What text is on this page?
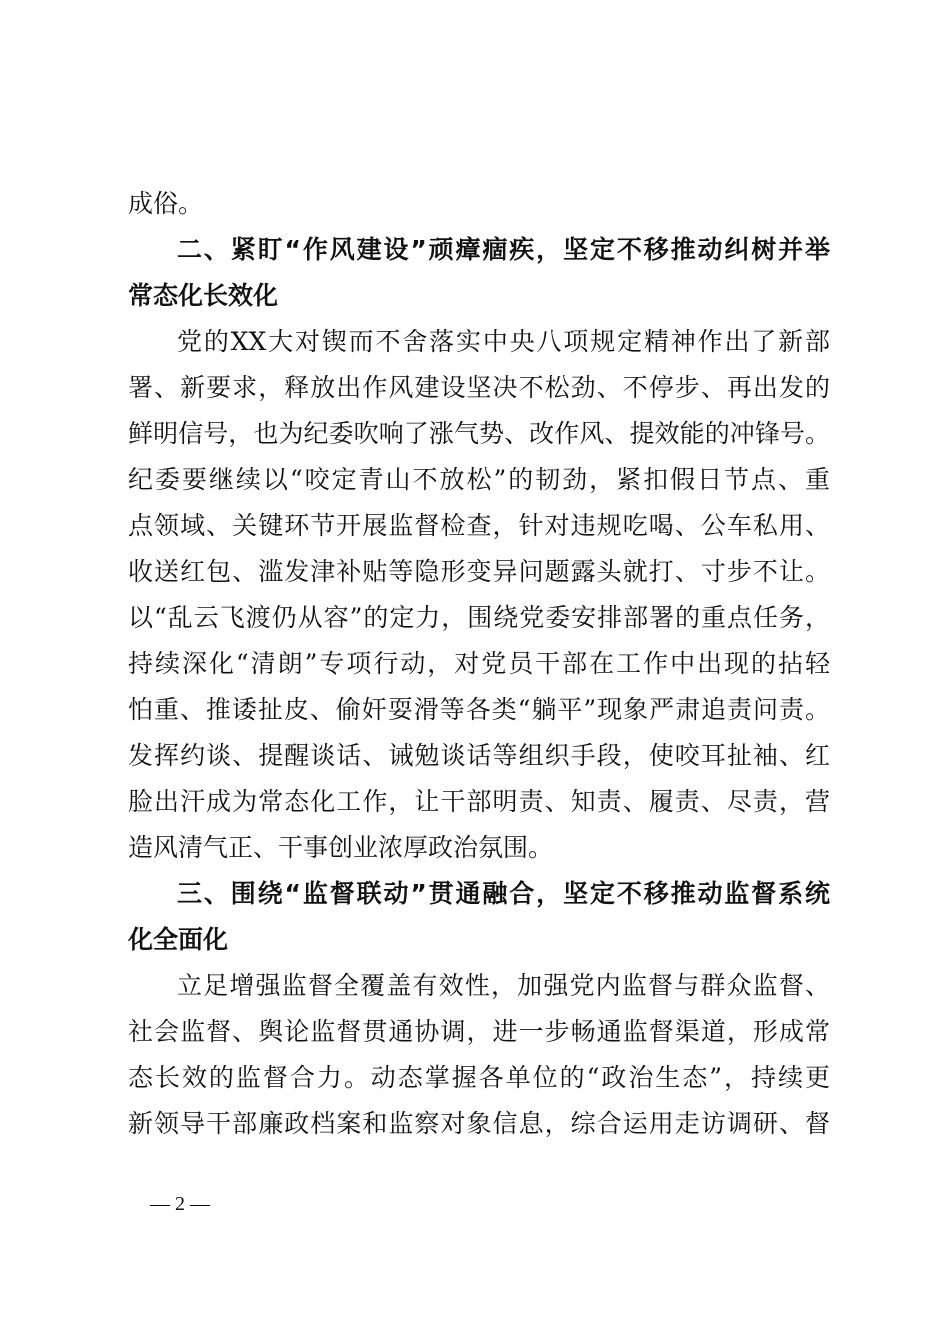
成俗。
二、紧盯“作风建设”顽瘴痼疾，坚定不移推动纠树并举
常态化长效化
党的XX大对锲而不舍落实中央八项规定精神作出了新部
署、新要求，释放出作风建设坚决不松劲、不停步、再出发的
鲜明信号，也为纪委吹响了涨气势、改作风、提效能的冲锋号。
纪委要继续以“咬定青山不放松”的韧劲，紧扣假日节点、重
点领域、关键环节开展监督检查，针对违规吃喝、公车私用、
收送红包、滥发津补贴等隐形变异问题露头就打、寸步不让。
以“乱云飞渡仍从容”的定力，围绕党委安排部署的重点任务，
持续深化“清朗”专项行动，对党员干部在工作中出现的拈轻
怕重、推诿扯皮、偷奸耍滑等各类“躺平”现象严肃追责问责。
发挥约谈、提醒谈话、诫勉谈话等组织手段，使咬耳扯袖、红
脸出汗成为常态化工作，让干部明责、知责、履责、尽责，营
造风清气正、干事创业浓厚政治氛围。
三、围绕“监督联动”贯通融合，坚定不移推动监督系统
化全面化
立足增强监督全覆盖有效性，加强党内监督与群众监督、
社会监督、舆论监督贯通协调，进一步畅通监督渠道，形成常
态长效的监督合力。动态掌握各单位的“政治生态”，持续更
新领导干部廉政档案和监察对象信息，综合运用走访调研、督
— 2 —
